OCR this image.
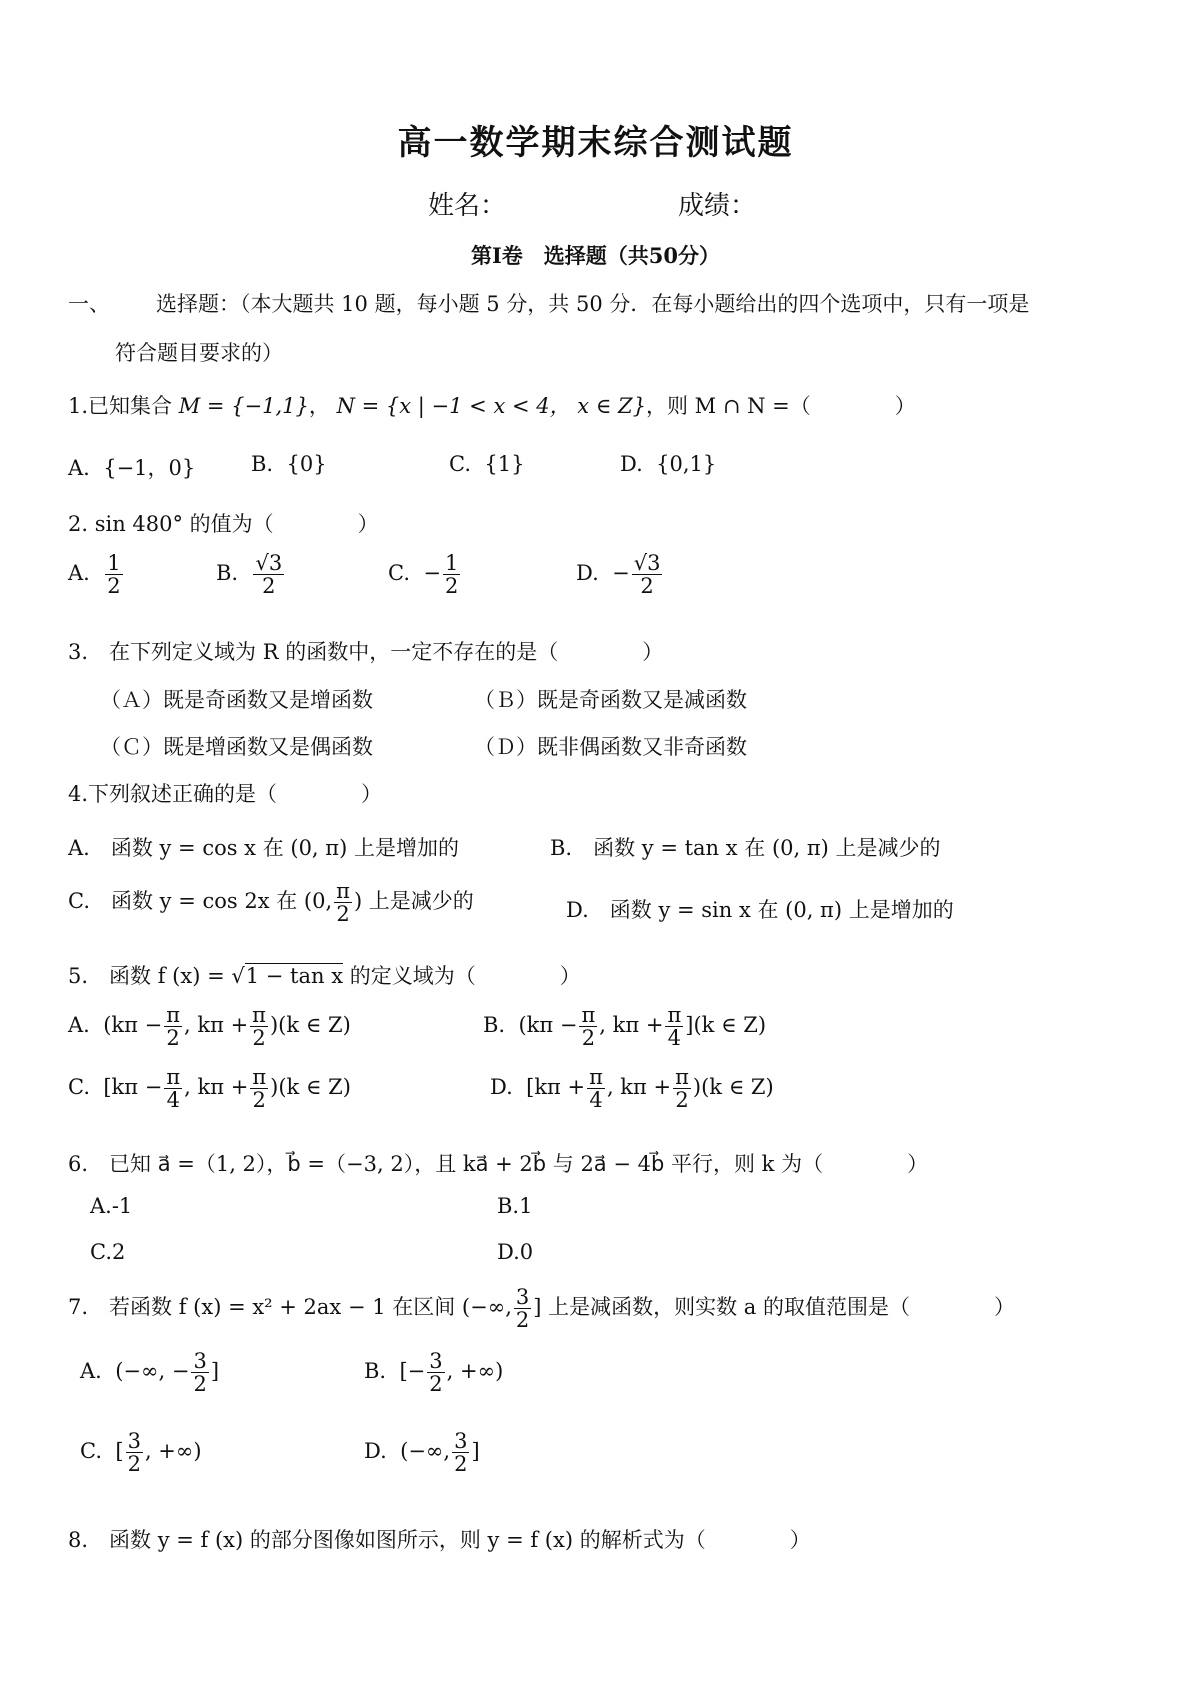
高一数学期末综合测试题
姓名：	成绩：
第Ⅰ卷　选择题（共50分）
一、 选择题：（本大题共 10 题，每小题 5 分，共 50 分．在每小题给出的四个选项中，只有一项是
符合题目要求的）
1.已知集合 M = {−1,1}， N = {x | −1 < x < 4， x ∈ Z}，则 M ∩ N =（　　　　）
A. {−1，0}	B. {0}	C. {1}	D. {0,1}
2. sin 480° 的值为（　　　　）
A. $\frac{1}{2}$	B. $\frac{√3}{2}$	C. − $\frac{1}{2}$	D. − $\frac{√3}{2}$
3.　在下列定义域为 R 的函数中，一定不存在的是（　　　　）
（Ａ）既是奇函数又是增函数	（Ｂ）既是奇函数又是减函数
（Ｃ）既是增函数又是偶函数	（Ｄ）既非偶函数又非奇函数
4.下列叙述正确的是（　　　　）
A.　函数 y = cos x 在 (0, π) 上是增加的	B.　函数 y = tan x 在 (0, π) 上是减少的
C.　函数 y = cos 2x 在 (0, $\frac{\pi}{2}$ ) 上是减少的	D.　函数 y = sin x 在 (0, π) 上是增加的
5.　函数 f (x) = √1 − tan x 的定义域为（　　　　）
A. ($k\pi - \frac{\pi}{2}$ , $k\pi + \frac{\pi}{2} )(k$ ∈ Z)	B. ($k\pi - \frac{\pi}{2}$ , $k\pi + \frac{\pi}{4} ](k$ ∈ Z)
C. [$k\pi - \frac{\pi}{4}$ , $k\pi + \frac{\pi}{2} )(k$ ∈ Z)	D. [$k\pi + \frac{\pi}{4}$ , $k\pi + \frac{\pi}{2} )(k$ ∈ Z)
6.　已知 a⃗ =（1, 2），b⃗ =（−3, 2），且 ka⃗ + 2b⃗ 与 2a⃗ − 4b⃗ 平行，则 k 为（　　　　）
A.-1	B.1
C.2	D.0
7.　若函数 f (x) = x² + 2ax − 1 在区间 (−∞, $\frac{3}{2}$ ] 上是减函数，则实数 a 的取值范围是（　　　　）
A. (−∞, − $\frac{3}{2}$ ]	B. [− $\frac{3}{2}$ , +∞)
C. [ $\frac{3}{2}$ , +∞)	D. (−∞, $\frac{3}{2}$ ]
8.　函数 y = f (x) 的部分图像如图所示，则 y = f (x) 的解析式为（　　　　）
